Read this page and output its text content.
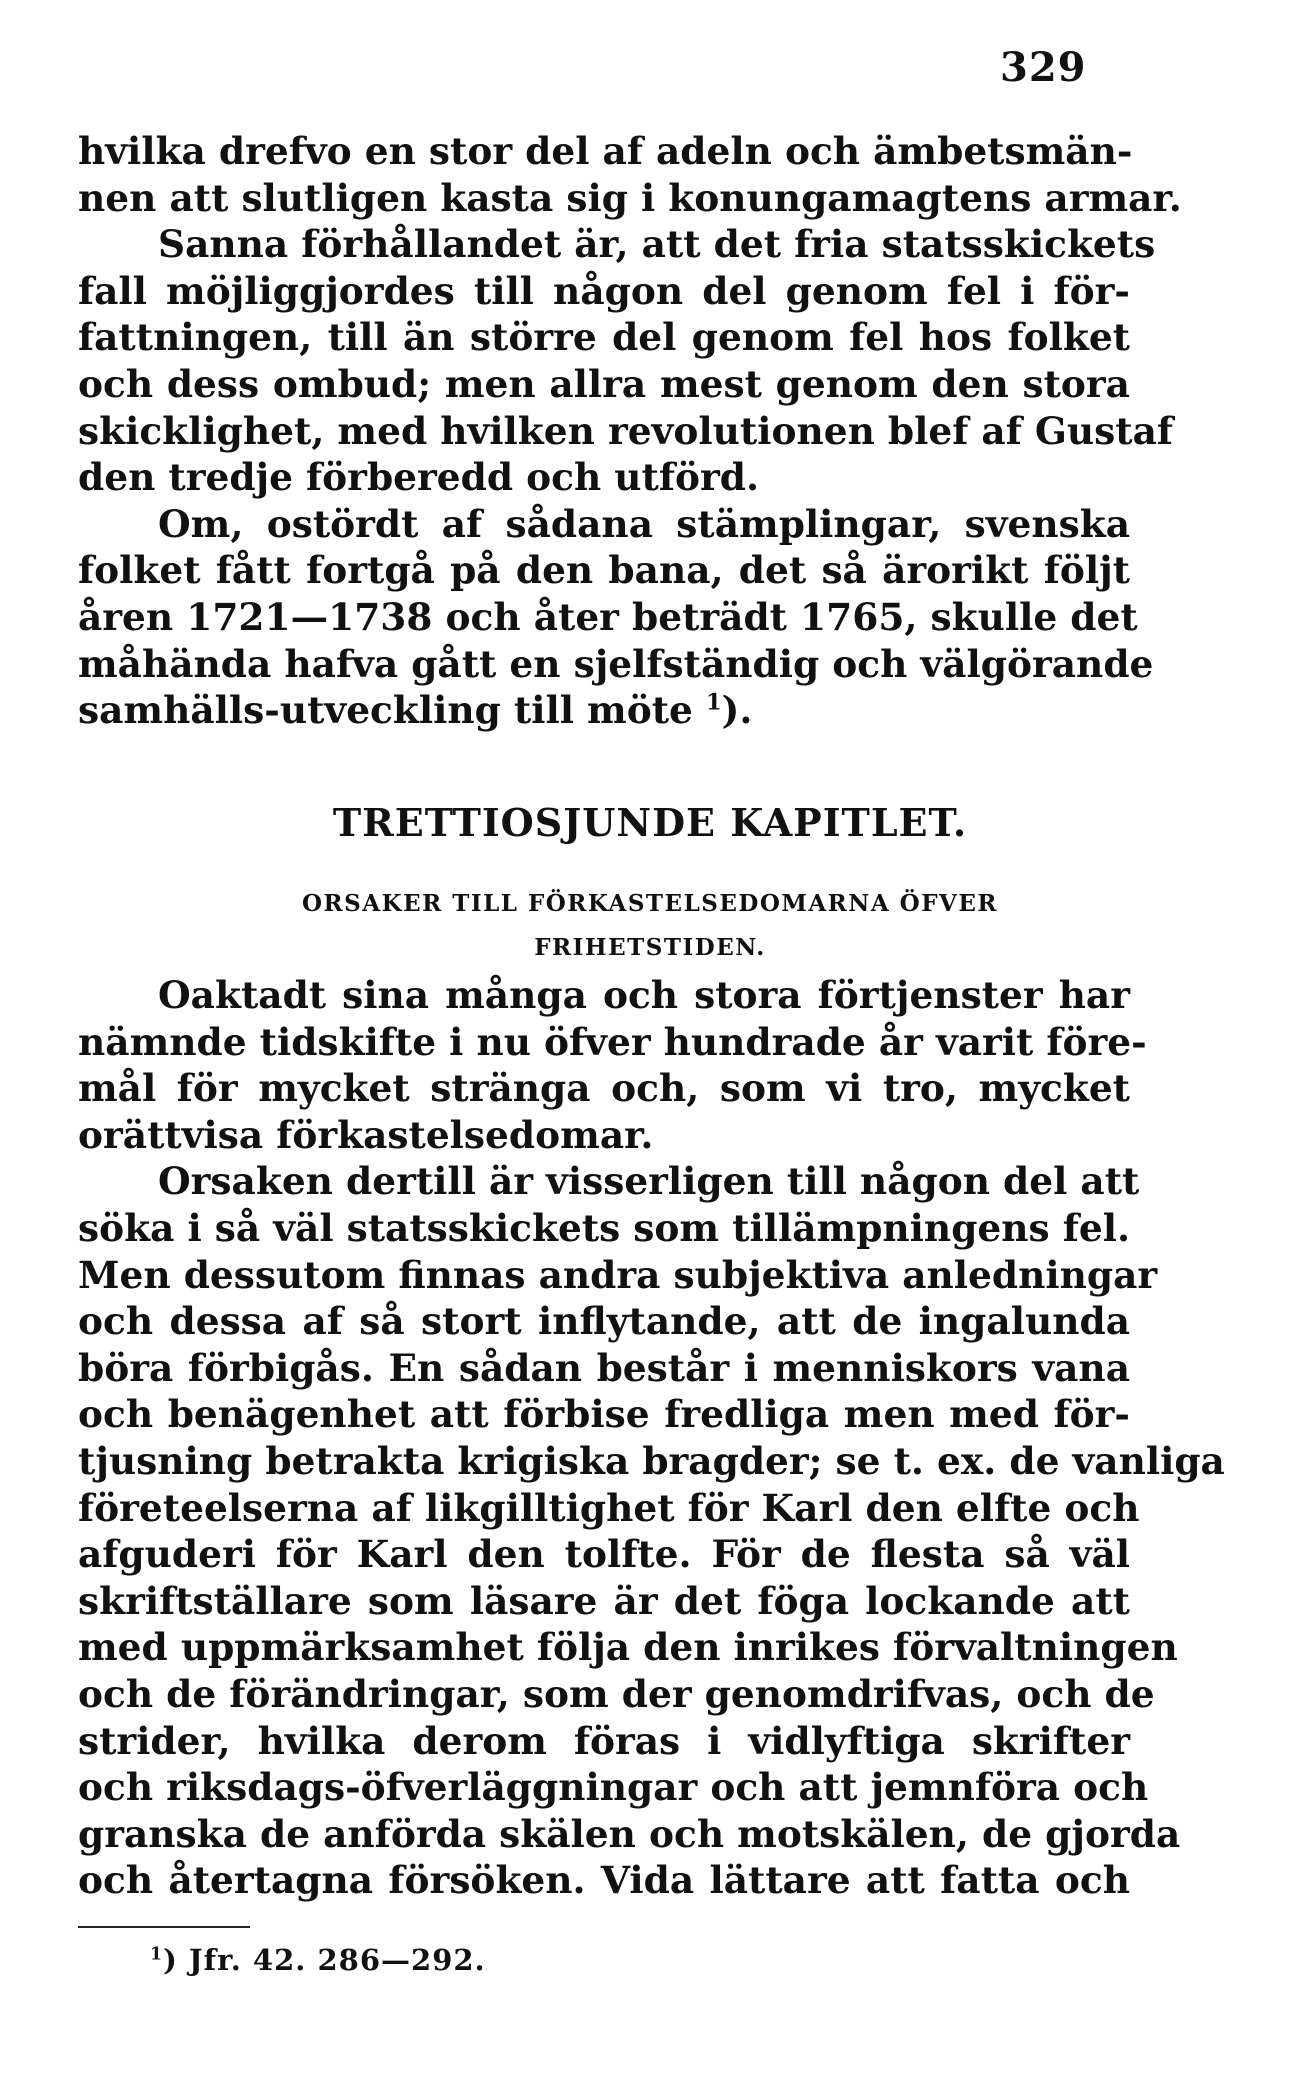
329
hvilka drefvo en stor del af adeln och ämbetsmän-
nen att slutligen kasta sig i konungamagtens armar.
Sanna förhållandet är, att det fria statsskickets
fall möjliggjordes till någon del genom fel i för-
fattningen, till än större del genom fel hos folket
och dess ombud; men allra mest genom den stora
skicklighet, med hvilken revolutionen blef af Gustaf
den tredje förberedd och utförd.
Om, ostördt af sådana stämplingar, svenska
folket fått fortgå på den bana, det så ärorikt följt
åren 1721—1738 och åter beträdt 1765, skulle det
måhända hafva gått en sjelfständig och välgörande
samhälls-utveckling till möte $^1$).
TRETTIOSJUNDE KAPITLET.
ORSAKER TILL FÖRKASTELSEDOMARNA ÖFVER
FRIHETSTIDEN.
Oaktadt sina många och stora förtjenster har
nämnde tidskifte i nu öfver hundrade år varit före-
mål för mycket stränga och, som vi tro, mycket
orättvisa förkastelsedomar.
Orsaken dertill är visserligen till någon del att
söka i så väl statsskickets som tillämpningens fel.
Men dessutom finnas andra subjektiva anledningar
och dessa af så stort inflytande, att de ingalunda
böra förbigås. En sådan består i menniskors vana
och benägenhet att förbise fredliga men med för-
tjusning betrakta krigiska bragder; se t. ex. de vanliga
företeelserna af likgilltighet för Karl den elfte och
afguderi för Karl den tolfte. För de flesta så väl
skriftställare som läsare är det föga lockande att
med uppmärksamhet följa den inrikes förvaltningen
och de förändringar, som der genomdrifvas, och de
strider, hvilka derom föras i vidlyftiga skrifter
och riksdags-öfverläggningar och att jemnföra och
granska de anförda skälen och motskälen, de gjorda
och återtagna försöken. Vida lättare att fatta och
$^1$) Jfr. 42. 286—292.
